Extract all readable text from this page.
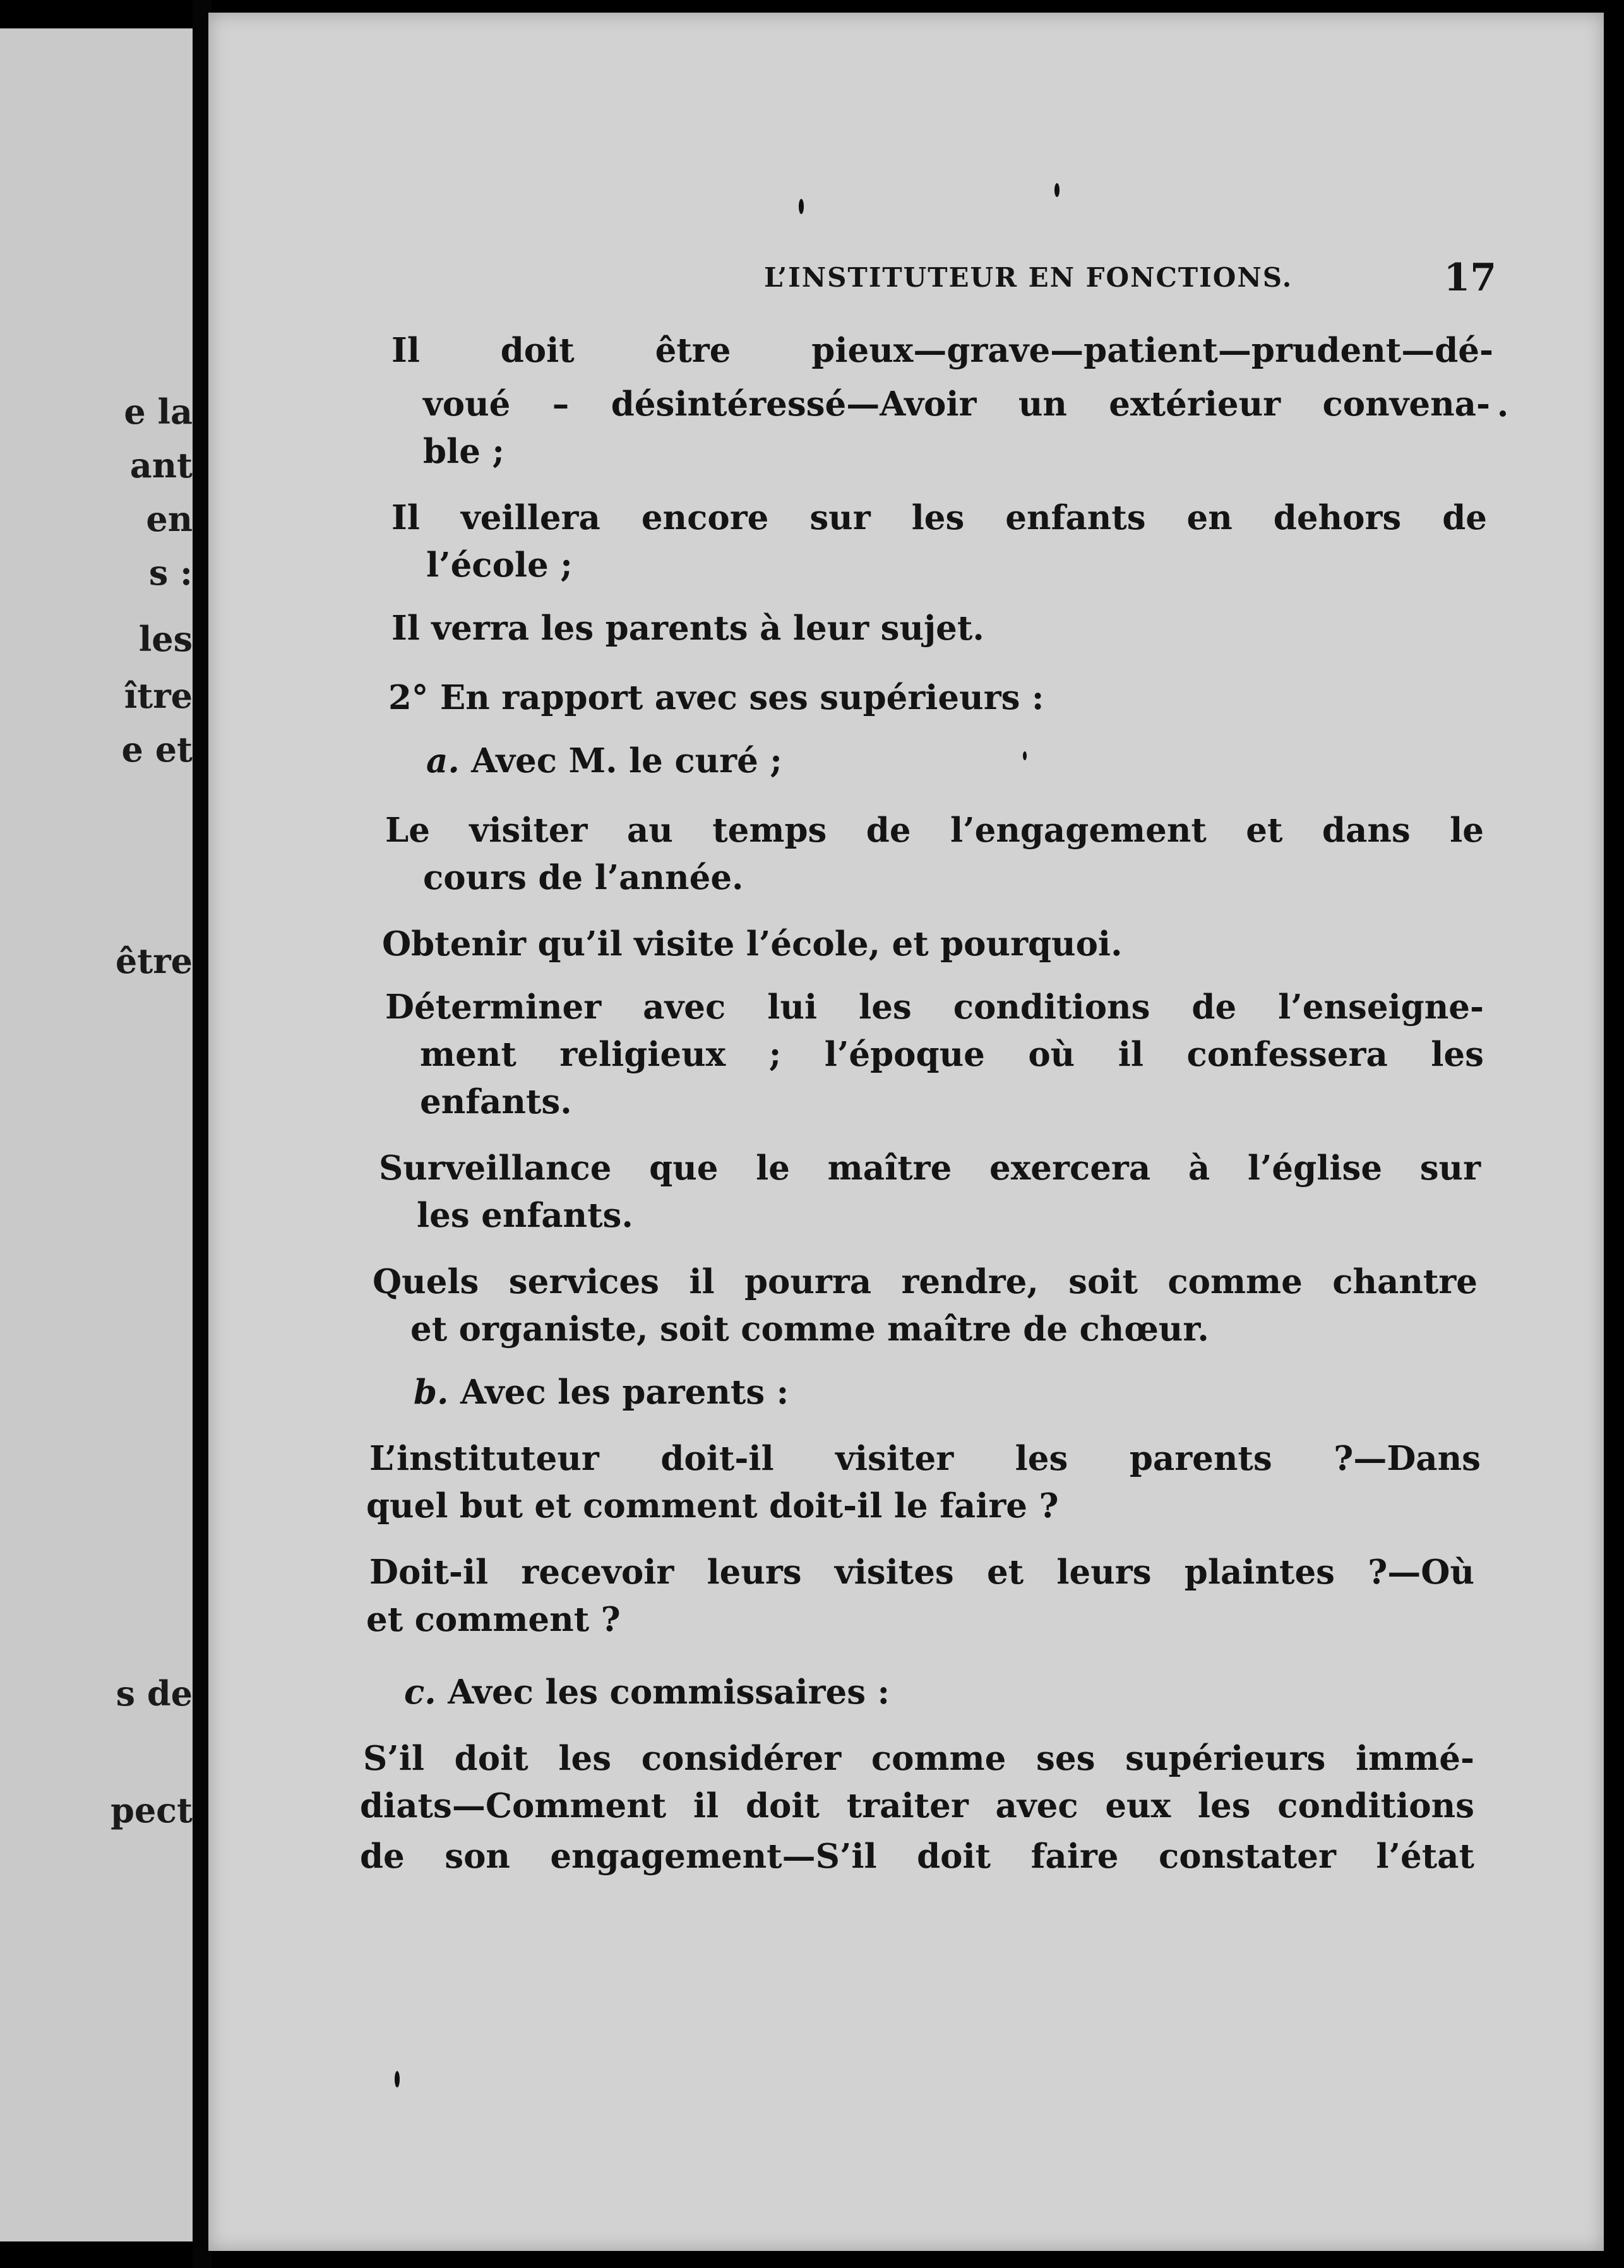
e la
ant
en
s :
les
ître
e et
être
s de
pect
L’INSTITUTEUR EN FONCTIONS.	17
Il doit être pieux—grave—patient—prudent—dé-
voué – désintéressé—Avoir un extérieur convena-
ble ;
Il veillera encore sur les enfants en dehors de
l’école ;
Il verra les parents à leur sujet.
2° En rapport avec ses supérieurs :
a. Avec M. le curé ;
Le visiter au temps de l’engagement et dans le
cours de l’année.
Obtenir qu’il visite l’école, et pourquoi.
Déterminer avec lui les conditions de l’enseigne-
ment religieux ; l’époque où il confessera les
enfants.
Surveillance que le maître exercera à l’église sur
les enfants.
Quels services il pourra rendre, soit comme chantre
et organiste, soit comme maître de chœur.
b. Avec les parents :
L’instituteur doit-il visiter les parents ?—Dans
quel but et comment doit-il le faire ?
Doit-il recevoir leurs visites et leurs plaintes ?—Où
et comment ?
c. Avec les commissaires :
S’il doit les considérer comme ses supérieurs immé-
diats—Comment il doit traiter avec eux les conditions
de son engagement—S’il doit faire constater l’état
